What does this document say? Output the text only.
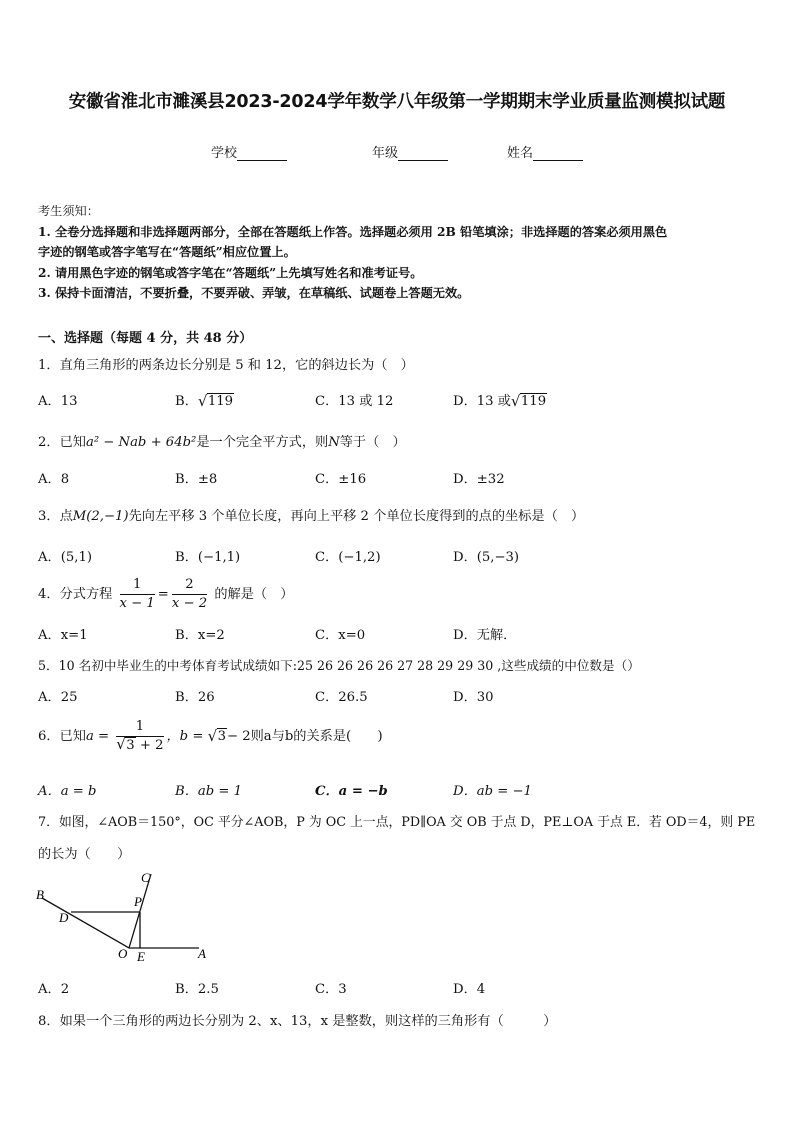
安徽省淮北市濉溪县2023-2024学年数学八年级第一学期期末学业质量监测模拟试题
学校	年级	姓名
考生须知：
1. 全卷分选择题和非选择题两部分，全部在答题纸上作答。选择题必须用 2B 铅笔填涂；非选择题的答案必须用黑色
字迹的钢笔或答字笔写在“答题纸”相应位置上。
2. 请用黑色字迹的钢笔或答字笔在“答题纸”上先填写姓名和准考证号。
3. 保持卡面清洁，不要折叠，不要弄破、弄皱，在草稿纸、试题卷上答题无效。
一、选择题（每题 4 分，共 48 分）
1．直角三角形的两条边长分别是 5 和 12，它的斜边长为（　）
A．13	B． √ 119	C．13 或 12	D．13 或 √ 119
2．已知a² − Nab + 64b²是一个完全平方式，则N等于（　）
A．8	B．±8	C．±16	D．±32
3．点M(2,−1)先向左平移 3 个单位长度，再向上平移 2 个单位长度得到的点的坐标是（　）
A．(5,1)	B．(−1,1)	C．(−1,2)	D．(5,−3)
4．分式方程 $\frac{1}{x - 1} = \frac{2}{x - 2}$ 的解是（　）
A．x=1	B．x=2	C．x=0	D．无解．
5．10 名初中毕业生的中考体育考试成绩如下:25 26 26 26 26 27 28 29 29 30 ,这些成绩的中位数是（）
A．25	B．26	C．26.5	D．30
6．已知a = 1
√ 3 + 2 ，b = √ 3− 2则a与b的关系是(　　)
A．a = b	B．ab = 1	C．a = −b	D．ab = −1
7．如图，∠AOB＝150°，OC 平分∠AOB，P 为 OC 上一点，PD∥OA 交 OB 于点 D，PE⊥OA 于点 E．若 OD＝4，则 PE
的长为（　　）
B
D
P
C
O E	A
A．2	B．2.5	C．3	D．4
8．如果一个三角形的两边长分别为 2、x、13，x 是整数，则这样的三角形有（　　　）
